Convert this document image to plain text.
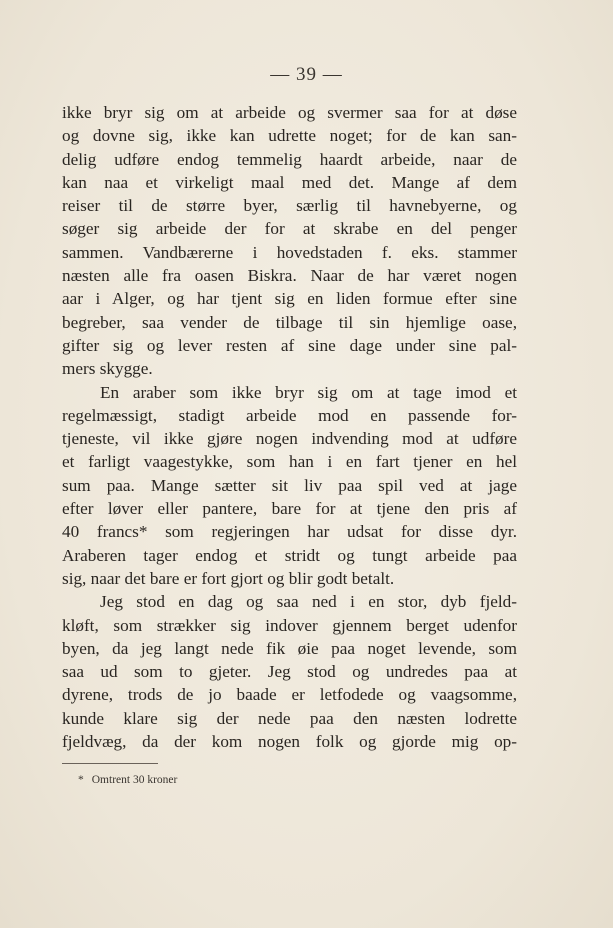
— 39 —
ikke bryr sig om at arbeide og svermer saa for at døse
og dovne sig, ikke kan udrette noget; for de kan san-
delig udføre endog temmelig haardt arbeide, naar de
kan naa et virkeligt maal med det. Mange af dem
reiser til de større byer, særlig til havnebyerne, og
søger sig arbeide der for at skrabe en del penger
sammen. Vandbærerne i hovedstaden f. eks. stammer
næsten alle fra oasen Biskra. Naar de har været nogen
aar i Alger, og har tjent sig en liden formue efter sine
begreber, saa vender de tilbage til sin hjemlige oase,
gifter sig og lever resten af sine dage under sine pal-
mers skygge.
En araber som ikke bryr sig om at tage imod et
regelmæssigt, stadigt arbeide mod en passende for-
tjeneste, vil ikke gjøre nogen indvending mod at udføre
et farligt vaagestykke, som han i en fart tjener en hel
sum paa. Mange sætter sit liv paa spil ved at jage
efter løver eller pantere, bare for at tjene den pris af
40 francs* som regjeringen har udsat for disse dyr.
Araberen tager endog et stridt og tungt arbeide paa
sig, naar det bare er fort gjort og blir godt betalt.
Jeg stod en dag og saa ned i en stor, dyb fjeld-
kløft, som strækker sig indover gjennem berget udenfor
byen, da jeg langt nede fik øie paa noget levende, som
saa ud som to gjeter. Jeg stod og undredes paa at
dyrene, trods de jo baade er letfodede og vaagsomme,
kunde klare sig der nede paa den næsten lodrette
fjeldvæg, da der kom nogen folk og gjorde mig op-
* Omtrent 30 kroner
